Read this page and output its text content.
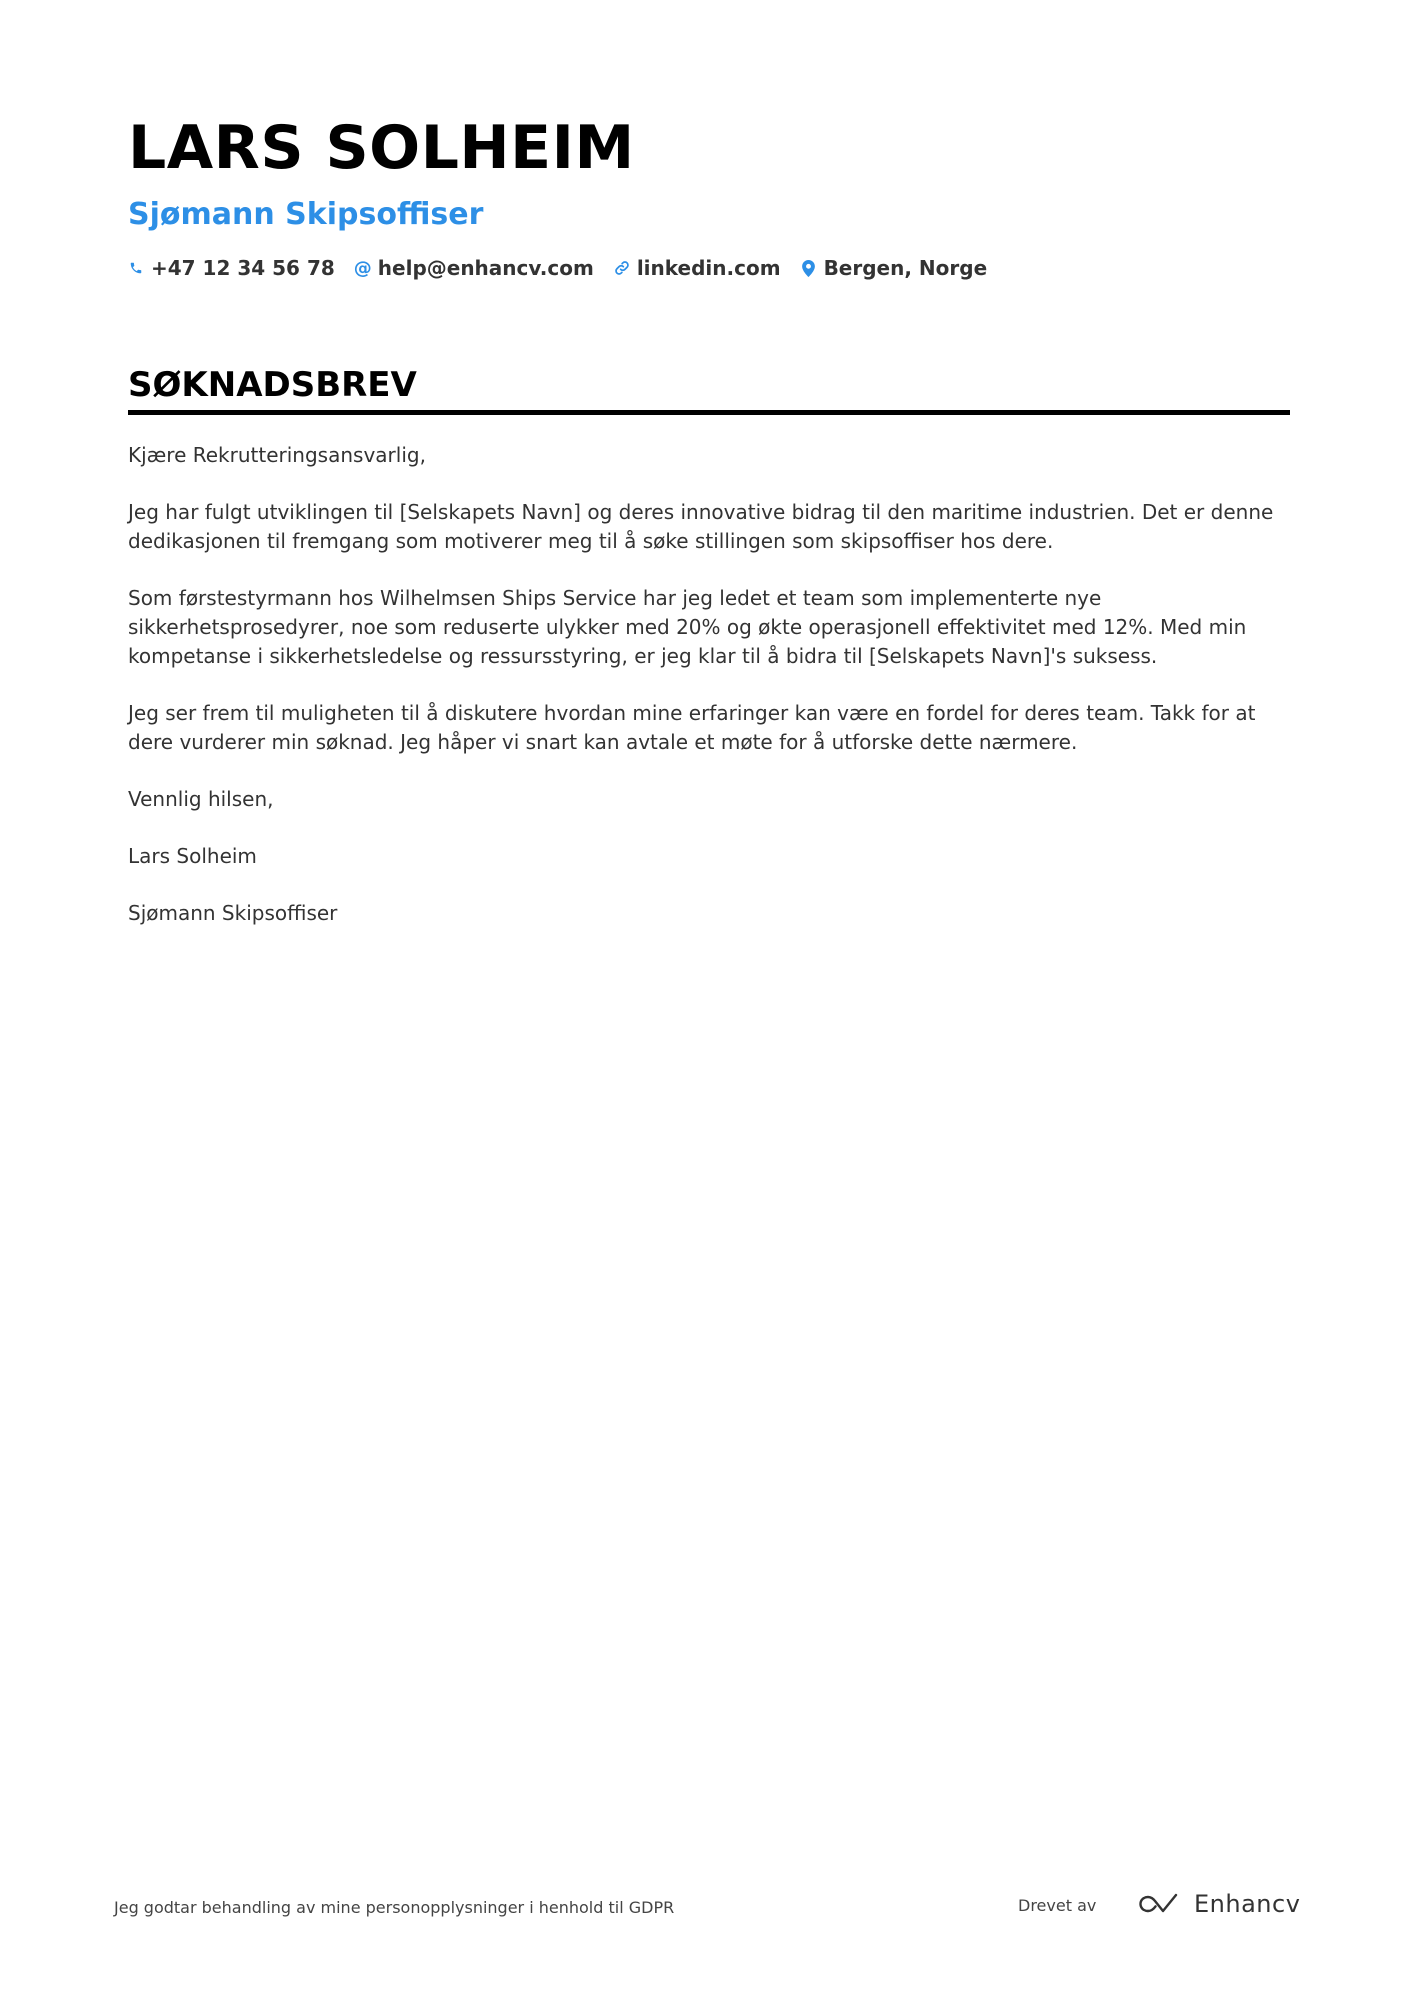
LARS SOLHEIM
Sjømann Skipsoffiser
+47 12 34 56 78 @ help@enhancv.com linkedin.com Bergen, Norge
SØKNADSBREV

Kjære Rekrutteringsansvarlig,

Jeg har fulgt utviklingen til [Selskapets Navn] og deres innovative bidrag til den maritime industrien. Det er denne dedikasjonen til fremgang som motiverer meg til å søke stillingen som skipsoffiser hos dere.

Som førstestyrmann hos Wilhelmsen Ships Service har jeg ledet et team som implementerte nye sikkerhetsprosedyrer, noe som reduserte ulykker med 20% og økte operasjonell effektivitet med 12%. Med min kompetanse i sikkerhetsledelse og ressursstyring, er jeg klar til å bidra til [Selskapets Navn]'s suksess.

Jeg ser frem til muligheten til å diskutere hvordan mine erfaringer kan være en fordel for deres team. Takk for at dere vurderer min søknad. Jeg håper vi snart kan avtale et møte for å utforske dette nærmere.

Vennlig hilsen,

Lars Solheim

Sjømann Skipsoffiser

Jeg godtar behandling av mine personopplysninger i henhold til GDPR	Drevet av	Enhancv
